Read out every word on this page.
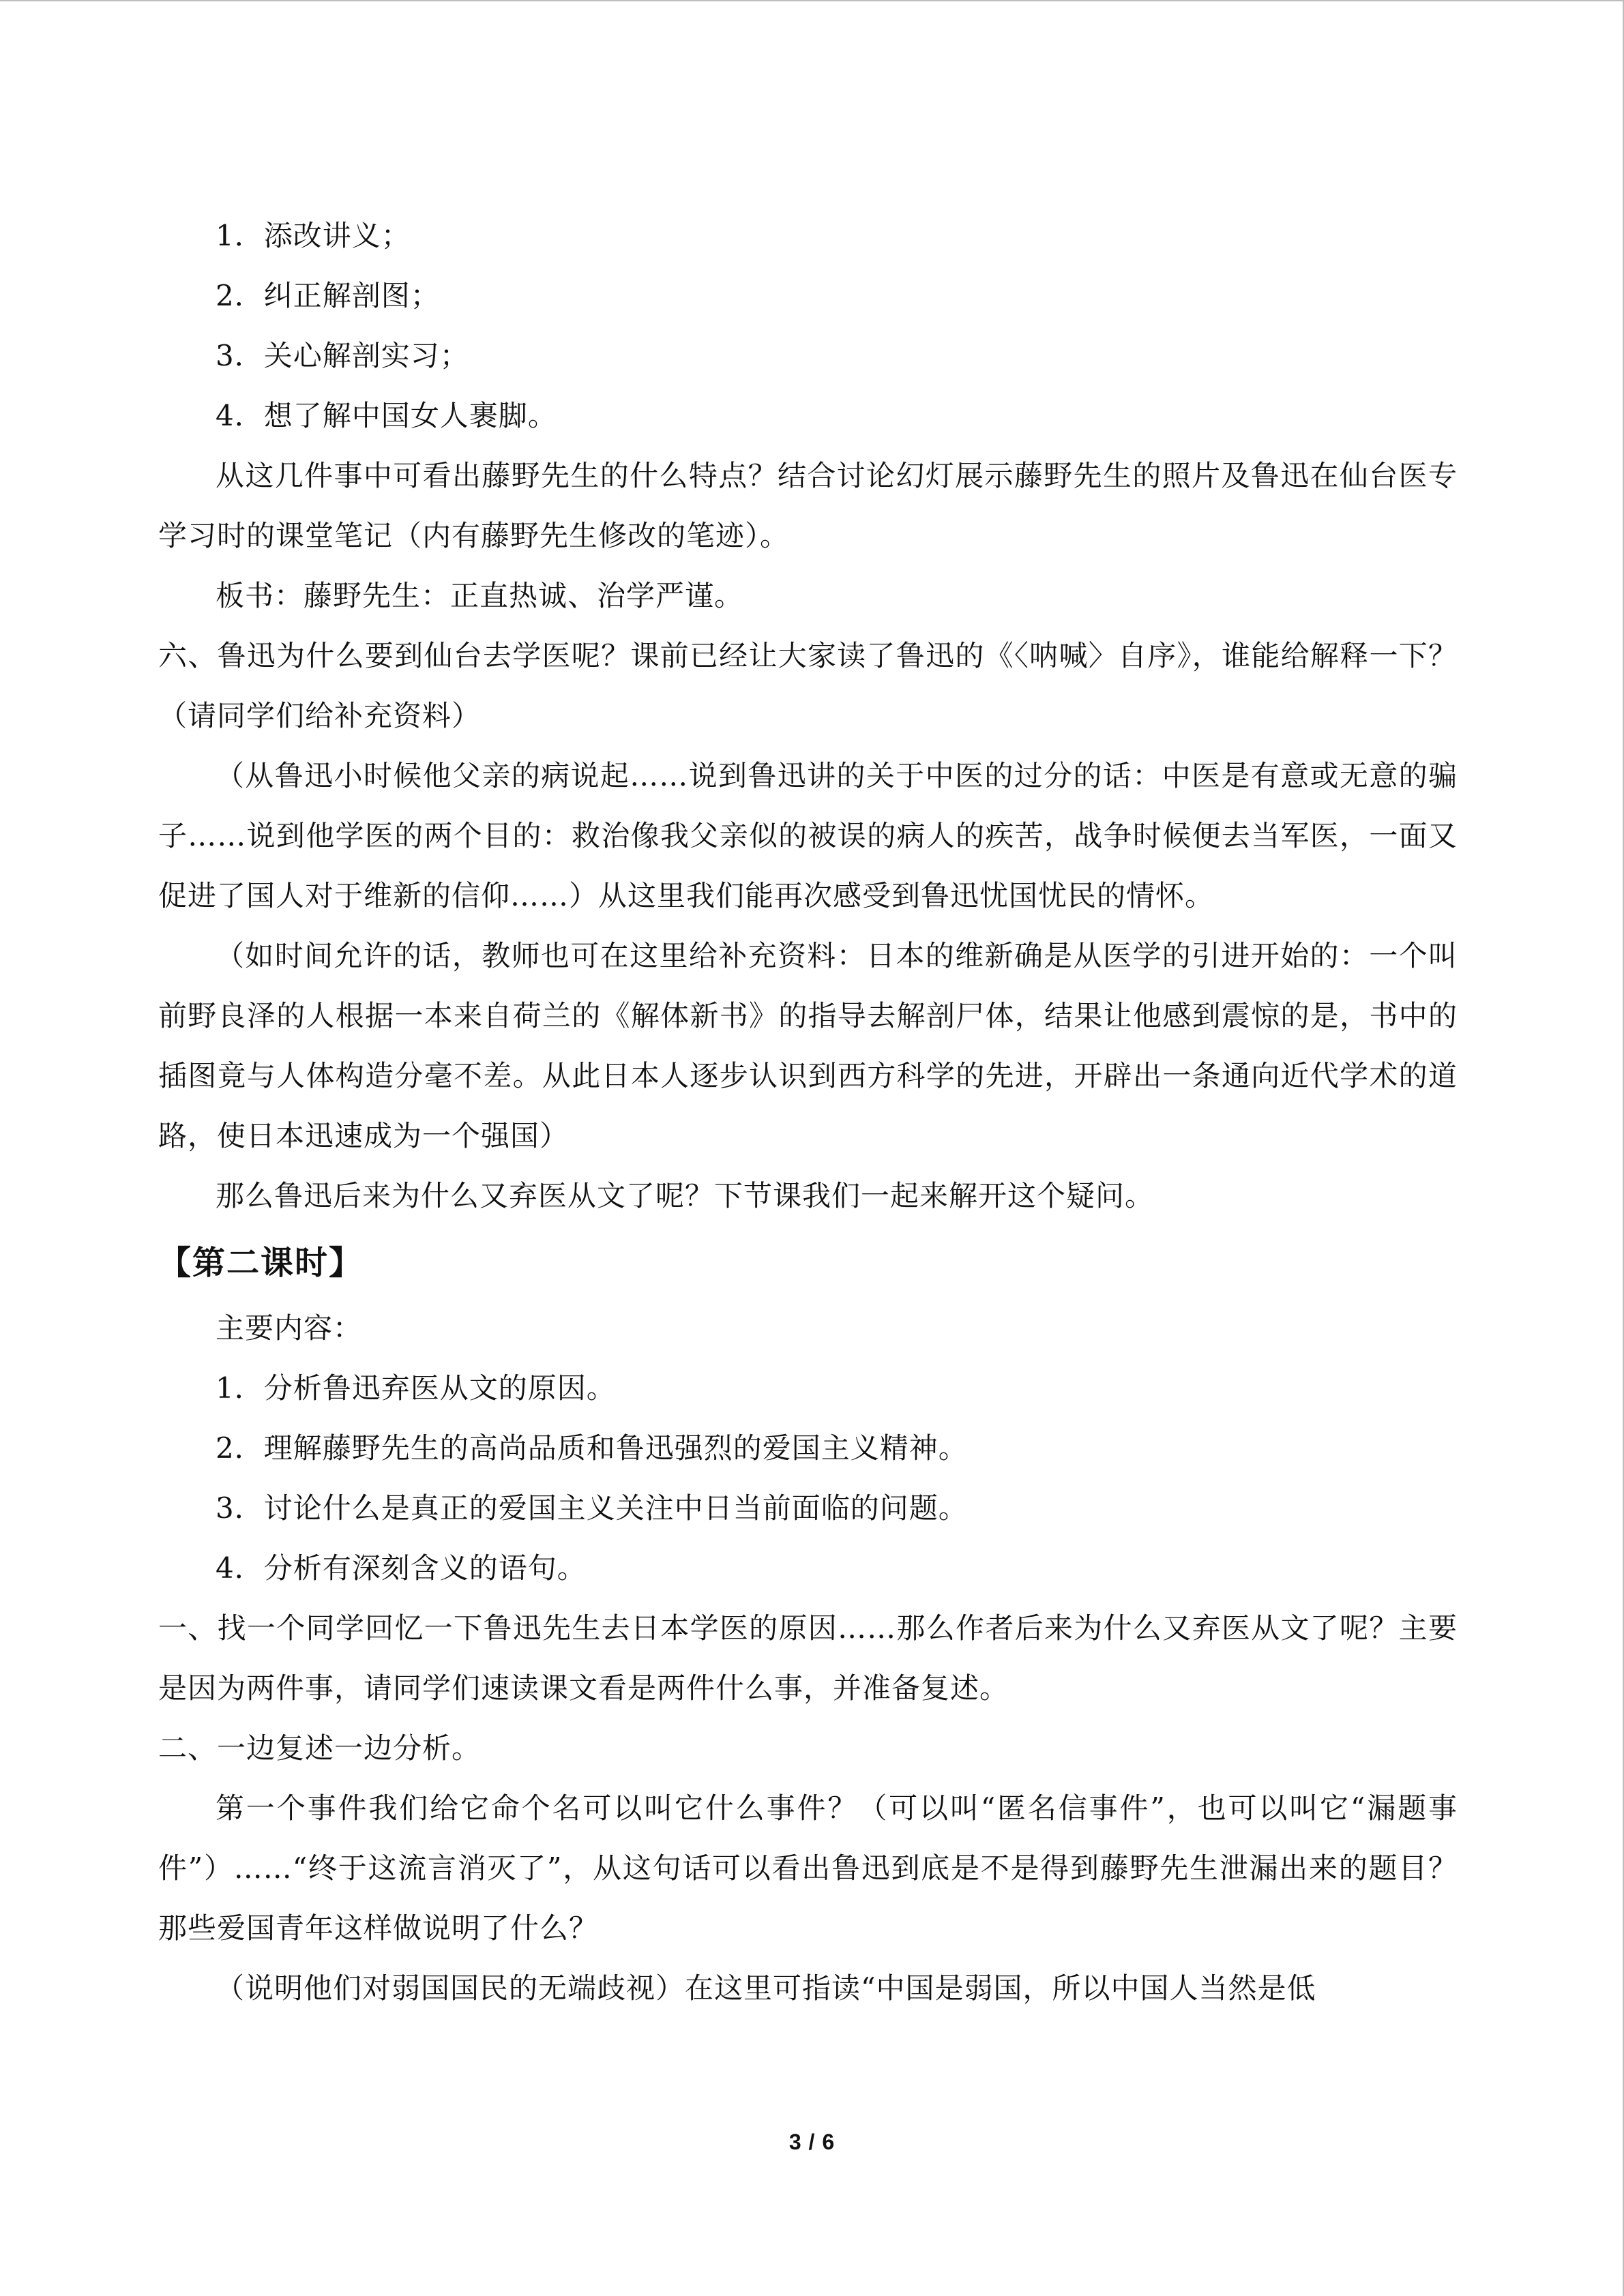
1．添改讲义；

2．纠正解剖图；

3．关心解剖实习；

4．想了解中国女人裹脚。

从这几件事中可看出藤野先生的什么特点？结合讨论幻灯展示藤野先生的照片及鲁迅在仙台医专学习时的课堂笔记（内有藤野先生修改的笔迹）。

板书：藤野先生：正直热诚、治学严谨。

六、鲁迅为什么要到仙台去学医呢？课前已经让大家读了鲁迅的《〈呐喊〉自序》，谁能给解释一下？（请同学们给补充资料）

（从鲁迅小时候他父亲的病说起……说到鲁迅讲的关于中医的过分的话：中医是有意或无意的骗子……说到他学医的两个目的：救治像我父亲似的被误的病人的疾苦，战争时候便去当军医，一面又促进了国人对于维新的信仰……）从这里我们能再次感受到鲁迅忧国忧民的情怀。

（如时间允许的话，教师也可在这里给补充资料：日本的维新确是从医学的引进开始的：一个叫前野良泽的人根据一本来自荷兰的《解体新书》的指导去解剖尸体，结果让他感到震惊的是，书中的插图竟与人体构造分毫不差。从此日本人逐步认识到西方科学的先进，开辟出一条通向近代学术的道路，使日本迅速成为一个强国）

那么鲁迅后来为什么又弃医从文了呢？下节课我们一起来解开这个疑问。

【第二课时】

主要内容：

1．分析鲁迅弃医从文的原因。

2．理解藤野先生的高尚品质和鲁迅强烈的爱国主义精神。

3．讨论什么是真正的爱国主义关注中日当前面临的问题。

4．分析有深刻含义的语句。

一、找一个同学回忆一下鲁迅先生去日本学医的原因……那么作者后来为什么又弃医从文了呢？主要是因为两件事，请同学们速读课文看是两件什么事，并准备复述。

二、一边复述一边分析。

第一个事件我们给它命个名可以叫它什么事件？（可以叫“匿名信事件”，也可以叫它“漏题事件”）……“终于这流言消灭了”，从这句话可以看出鲁迅到底是不是得到藤野先生泄漏出来的题目？那些爱国青年这样做说明了什么？

（说明他们对弱国国民的无端歧视）在这里可指读“中国是弱国，所以中国人当然是低

3 / 6
